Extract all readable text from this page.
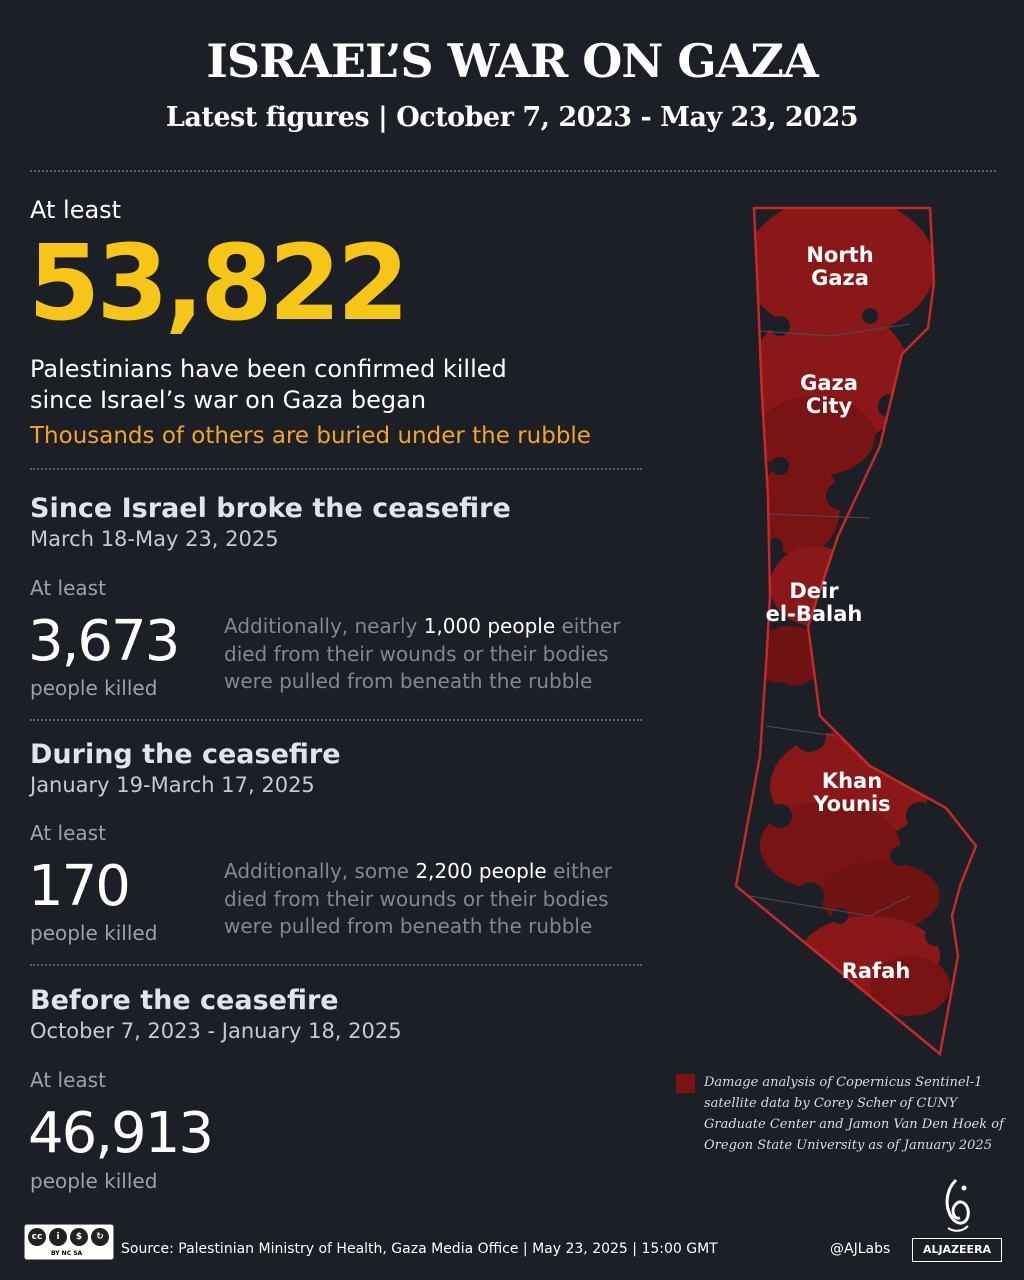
ISRAEL’S WAR ON GAZA
Latest figures | October 7, 2023 - May 23, 2025
At least
53,822
Palestinians have been confirmed killed
since Israel’s war on Gaza began
Thousands of others are buried under the rubble
Since Israel broke the ceasefire
March 18-May 23, 2025
At least
3,673
people killed
Additionally, nearly 1,000 people either died from their wounds or their bodies were pulled from beneath the rubble
During the ceasefire
January 19-March 17, 2025
At least
170
people killed
Additionally, some 2,200 people either died from their wounds or their bodies were pulled from beneath the rubble
Before the ceasefire
October 7, 2023 - January 18, 2025
At least
46,913
people killed
North
Gaza
Gaza
City
Deir
el-Balah
Khan
Younis
Rafah
Damage analysis of Copernicus Sentinel-1 satellite data by Corey Scher of CUNY Graduate Center and Jamon Van Den Hoek of Oregon State University as of January 2025
cc	i	$	↻
BY NC SA	Source: Palestinian Ministry of Health, Gaza Media Office | May 23, 2025 | 15:00 GMT	@AJLabs	ALJAZEERA
